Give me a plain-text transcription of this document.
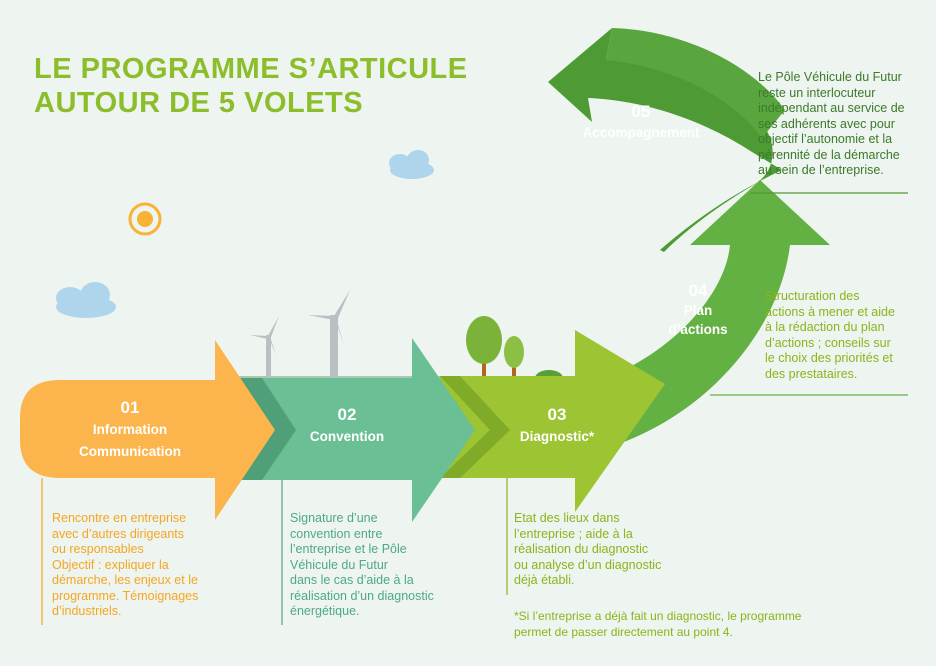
LE PROGRAMME S’ARTICULE
AUTOUR DE 5 VOLETS
01
Information
Communication
02
Convention
03
Diagnostic*
04
Plan
d’actions
05
Accompagnement

Rencontre en entreprise
avec d’autres dirigeants
ou responsables
Objectif : expliquer la
démarche, les enjeux et le
programme. Témoignages
d’industriels.

Signature d’une
convention entre
l’entreprise et le Pôle
Véhicule du Futur
dans le cas d’aide à la
réalisation d’un diagnostic
énergétique.

Etat des lieux dans
l’entreprise ; aide à la
réalisation du diagnostic
ou analyse d’un diagnostic
déjà établi.

*Si l’entreprise a déjà fait un diagnostic, le programme
permet de passer directement au point 4.

Structuration des
actions à mener et aide
à la rédaction du plan
d’actions ; conseils sur
le choix des priorités et
des prestataires.

Le Pôle Véhicule du Futur
reste un interlocuteur
indépendant au service de
ses adhérents avec pour
objectif l’autonomie et la
pérennité de la démarche
au sein de l’entreprise.
